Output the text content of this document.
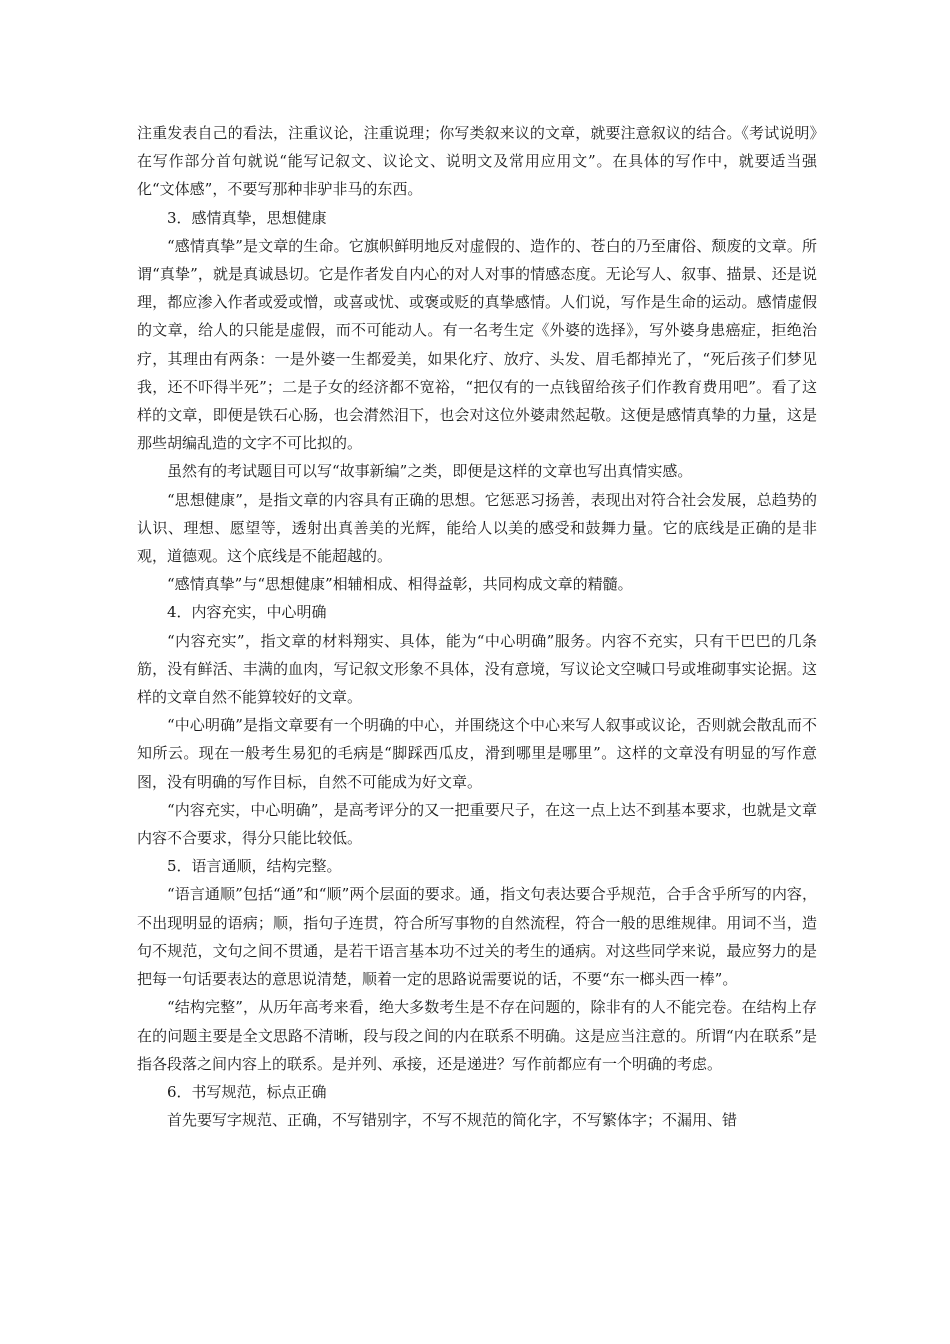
注重发表自己的看法，注重议论，注重说理；你写类叙来议的文章，就要注意叙议的结合。《考试说明》在写作部分首句就说“能写记叙文、议论文、说明文及常用应用文”。在具体的写作中，就要适当强化“文体感”，不要写那种非驴非马的东西。

3．感情真挚，思想健康

“感情真挚”是文章的生命。它旗帜鲜明地反对虚假的、造作的、苍白的乃至庸俗、颓废的文章。所谓“真挚”，就是真诚恳切。它是作者发自内心的对人对事的情感态度。无论写人、叙事、描景、还是说理，都应渗入作者或爱或憎，或喜或忧、或褒或贬的真挚感情。人们说，写作是生命的运动。感情虚假的文章，给人的只能是虚假，而不可能动人。有一名考生定《外婆的选择》，写外婆身患癌症，拒绝治疗，其理由有两条：一是外婆一生都爱美，如果化疗、放疗、头发、眉毛都掉光了，“死后孩子们梦见我，还不吓得半死”；二是子女的经济都不宽裕，“把仅有的一点钱留给孩子们作教育费用吧”。看了这样的文章，即便是铁石心肠，也会潸然泪下，也会对这位外婆肃然起敬。这便是感情真挚的力量，这是那些胡编乱造的文字不可比拟的。

虽然有的考试题目可以写“故事新编”之类，即便是这样的文章也写出真情实感。

“思想健康”，是指文章的内容具有正确的思想。它惩恶习扬善，表现出对符合社会发展，总趋势的认识、理想、愿望等，透射出真善美的光辉，能给人以美的感受和鼓舞力量。它的底线是正确的是非观，道德观。这个底线是不能超越的。

“感情真挚”与“思想健康”相辅相成、相得益彰，共同构成文章的精髓。

4．内容充实，中心明确

“内容充实”，指文章的材料翔实、具体，能为“中心明确”服务。内容不充实，只有干巴巴的几条筋，没有鲜活、丰满的血肉，写记叙文形象不具体，没有意境，写议论文空喊口号或堆砌事实论据。这样的文章自然不能算较好的文章。

“中心明确”是指文章要有一个明确的中心，并围绕这个中心来写人叙事或议论，否则就会散乱而不知所云。现在一般考生易犯的毛病是“脚踩西瓜皮，滑到哪里是哪里”。这样的文章没有明显的写作意图，没有明确的写作目标，自然不可能成为好文章。

“内容充实，中心明确”，是高考评分的又一把重要尺子，在这一点上达不到基本要求，也就是文章内容不合要求，得分只能比较低。

5．语言通顺，结构完整。

“语言通顺”包括“通”和“顺”两个层面的要求。通，指文句表达要合乎规范，合手含乎所写的内容，不出现明显的语病；顺，指句子连贯，符合所写事物的自然流程，符合一般的思维规律。用词不当，造句不规范，文句之间不贯通，是若干语言基本功不过关的考生的通病。对这些同学来说，最应努力的是把每一句话要表达的意思说清楚，顺着一定的思路说需要说的话，不要“东一榔头西一棒”。

“结构完整”，从历年高考来看，绝大多数考生是不存在问题的，除非有的人不能完卷。在结构上存在的问题主要是全文思路不清晰，段与段之间的内在联系不明确。这是应当注意的。所谓“内在联系”是指各段落之间内容上的联系。是并列、承接，还是递进？写作前都应有一个明确的考虑。

6．书写规范，标点正确

首先要写字规范、正确，不写错别字，不写不规范的简化字，不写繁体字；不漏用、错
